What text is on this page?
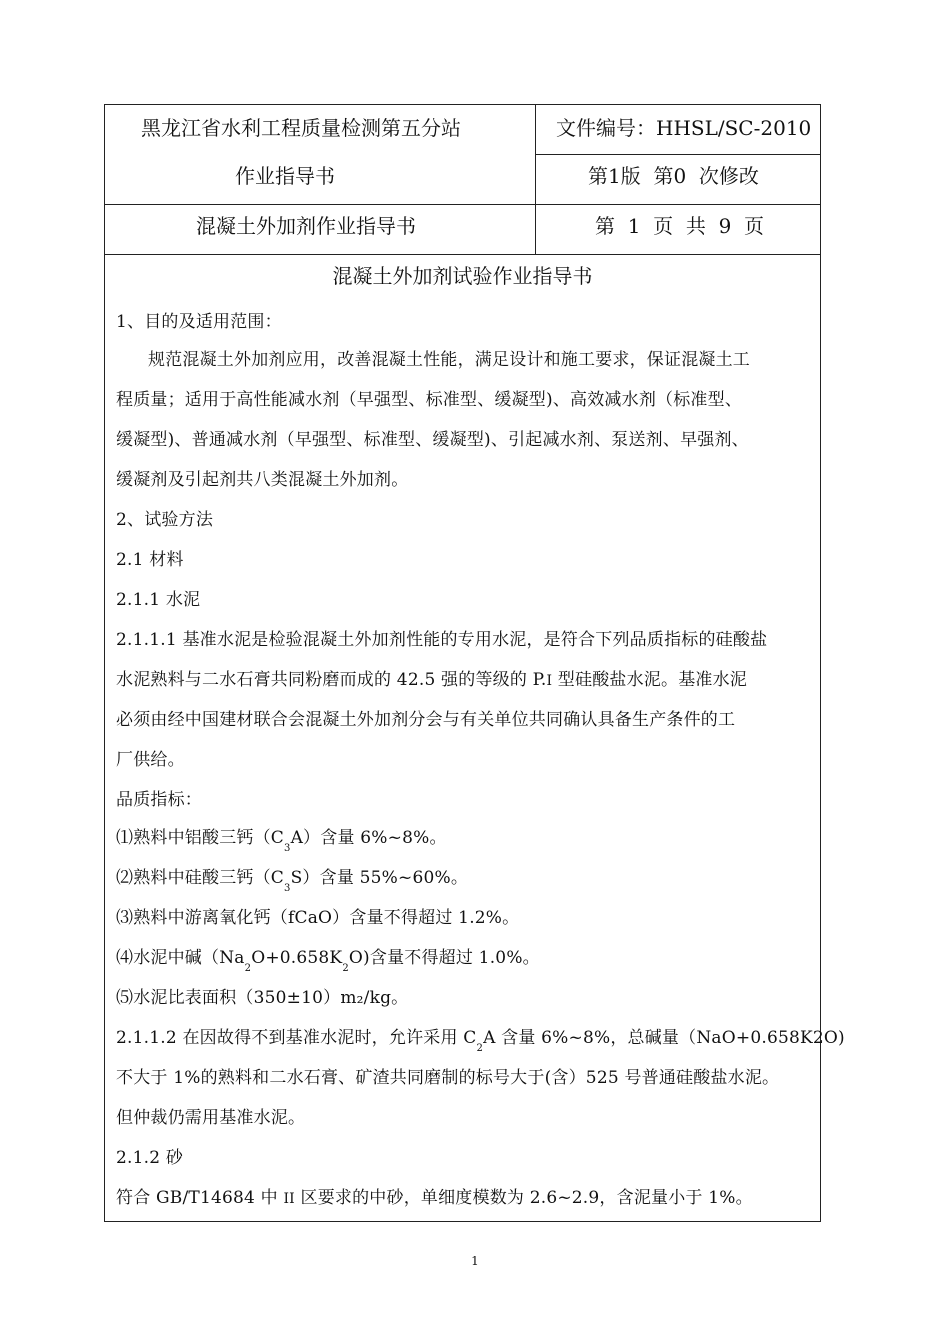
黑龙江省水利工程质量检测第五分站
作业指导书
文件编号：HHSL/SC-2010
第1版  第0  次修改
混凝土外加剂作业指导书	第  1  页  共  9  页
混凝土外加剂试验作业指导书
1、目的及适用范围：
规范混凝土外加剂应用，改善混凝土性能，满足设计和施工要求，保证混凝土工
程质量；适用于高性能减水剂（早强型、标准型、缓凝型)、高效减水剂（标准型、
缓凝型)、普通减水剂（早强型、标准型、缓凝型)、引起减水剂、泵送剂、早强剂、
缓凝剂及引起剂共八类混凝土外加剂。
2、试验方法
2.1 材料
2.1.1 水泥
2.1.1.1 基准水泥是检验混凝土外加剂性能的专用水泥，是符合下列品质指标的硅酸盐
水泥熟料与二水石膏共同粉磨而成的 42.5 强的等级的 P.I 型硅酸盐水泥。基准水泥
必须由经中国建材联合会混凝土外加剂分会与有关单位共同确认具备生产条件的工
厂供给。
品质指标：
⑴熟料中铝酸三钙$(C_3A)$含量 6%~8%。
⑵熟料中硅酸三钙$(C_3S)$含量 55%~60%。
⑶熟料中游离氧化钙（fCaO）含量不得超过 1.2%。
⑷水泥中碱$(Na_2O+0.658K_2O)$含量不得超过 1.0%。
⑸水泥比表面积（350±10）m₂/kg。
2.1.1.2 在因故得不到基准水泥时，允许采用 $C_2A$ 含量 6%~8%，总碱量（NaO+0.658K2O)
不大于 1%的熟料和二水石膏、矿渣共同磨制的标号大于(含）525 号普通硅酸盐水泥。
但仲裁仍需用基准水泥。
2.1.2 砂
符合 GB/T14684 中 II 区要求的中砂，单细度模数为 2.6~2.9，含泥量小于 1%。
1
